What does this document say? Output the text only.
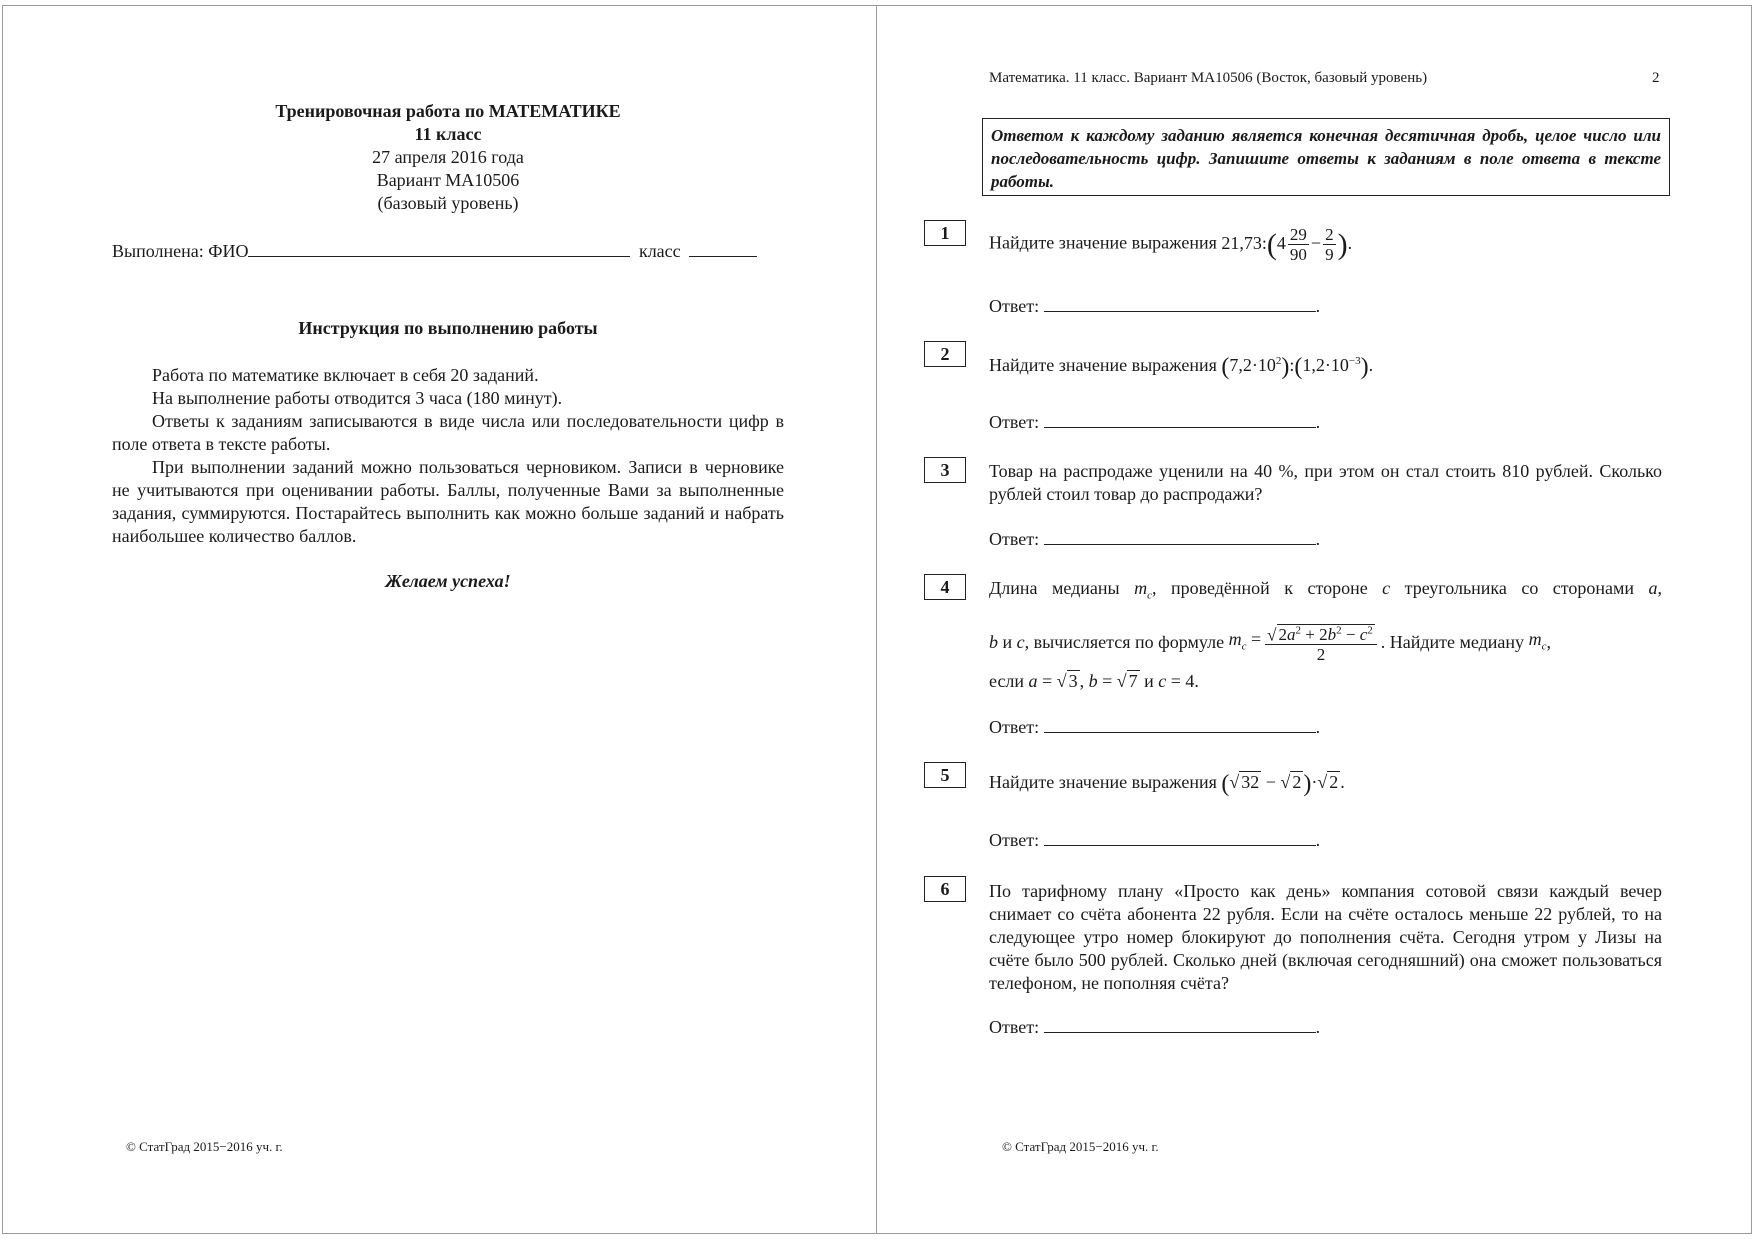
Тренировочная работа по МАТЕМАТИКЕ
11 класс
27 апреля 2016 года
Вариант МА10506
(базовый уровень)
Выполнена: ФИО	класс
Инструкция по выполнению работы
Работа по математике включает в себя 20 заданий.
На выполнение работы отводится 3 часа (180 минут).
Ответы к заданиям записываются в виде числа или последовательности цифр в поле ответа в тексте работы.
При выполнении заданий можно пользоваться черновиком. Записи в черновике не учитываются при оценивании работы. Баллы, полученные Вами за выполненные задания, суммируются. Постарайтесь выполнить как можно больше заданий и набрать наибольшее количество баллов.
Желаем успеха!
© СтатГрад 2015−2016 уч. г.
Математика. 11 класс. Вариант МА10506 (Восток, базовый уровень)	2
Ответом к каждому заданию является конечная десятичная дробь, целое число или последовательность цифр. Запишите ответы к заданиям в поле ответа в тексте работы.
1	Найдите значение выражения 21,73:(4 $\frac{29}{90} - \frac{2}{9}$ ).
Ответ:	.
2
Найдите значение выражения $(7,2\cdot 10^2):(1,2\cdot 10^{-3})$.
Ответ:	.
3	Товар на распродаже уценили на 40 %, при этом он стал стоить 810 рублей. Сколько рублей стоил товар до распродажи?
Ответ:	.
4	Длина медианы $m_c$, проведённой к стороне c треугольника со сторонами a,
b
и
c , вычисляется по формуле
$m_c = \frac{√ 2a^2 + 2b^2 - c^2}{2}$ . Найдите медиану
$m_c$ ,
если a = √ 3 , b = √ 7 и c = 4.
Ответ:	.
5	Найдите значение выражения (√ 32 − √ 2)·√ 2 .
Ответ:	.
6	По тарифному плану «Просто как день» компания сотовой связи каждый вечер снимает со счёта абонента 22 рубля. Если на счёте осталось меньше 22 рублей, то на следующее утро номер блокируют до пополнения счёта. Сегодня утром у Лизы на счёте было 500 рублей. Сколько дней (включая сегодняшний) она сможет пользоваться телефоном, не пополняя счёта?
Ответ:	.
© СтатГрад 2015−2016 уч. г.
